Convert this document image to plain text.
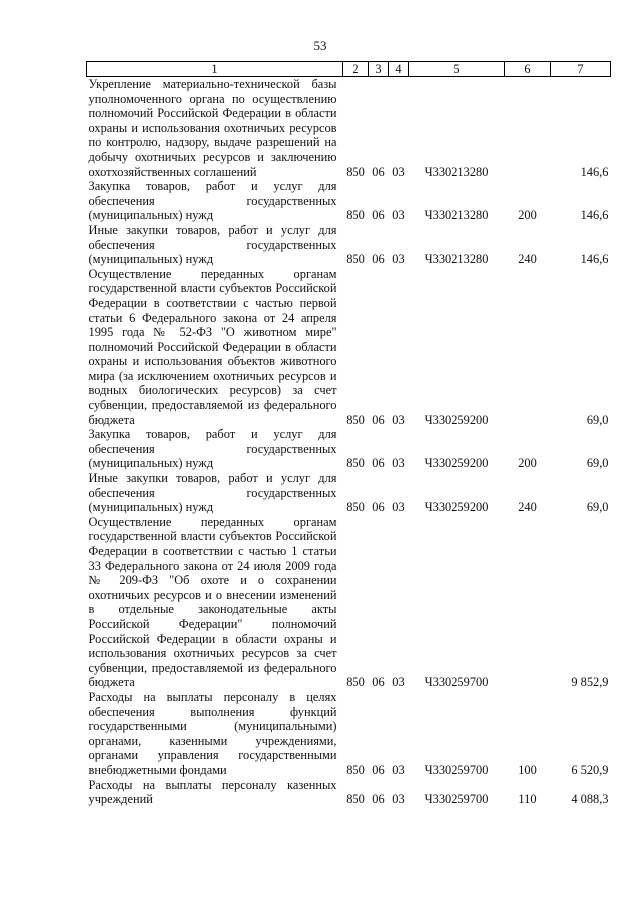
53
1	2	3	4	5	6	7
Укрепление материально-технической базы уполномоченного органа по осуществлению полномочий Российской Федерации в области охраны и использования охотничьих ресурсов по контролю, надзору, выдаче разрешений на добычу охотничьих ресурсов и заключению охотхозяйственных соглашений	850	06	03	Ч330213280		146,6
Закупка товаров, работ и услуг для обеспечения государственных (муниципальных) нужд	850	06	03	Ч330213280	200	146,6
Иные закупки товаров, работ и услуг для обеспечения государственных (муниципальных) нужд	850	06	03	Ч330213280	240	146,6
Осуществление переданных органам государственной власти субъектов Российской Федерации в соответствии с частью первой статьи 6 Федерального закона от 24 апреля 1995 года № 52-ФЗ "О животном мире" полномочий Российской Федерации в области охраны и использования объектов животного мира (за исключением охотничьих ресурсов и водных биологических ресурсов) за счет субвенции, предоставляемой из федерального бюджета	850	06	03	Ч330259200		69,0
Закупка товаров, работ и услуг для обеспечения государственных (муниципальных) нужд	850	06	03	Ч330259200	200	69,0
Иные закупки товаров, работ и услуг для обеспечения государственных (муниципальных) нужд	850	06	03	Ч330259200	240	69,0
Осуществление переданных органам государственной власти субъектов Российской Федерации в соответствии с частью 1 статьи 33 Федерального закона от 24 июля 2009 года № 209-ФЗ "Об охоте и о сохранении охотничьих ресурсов и о внесении изменений в отдельные законодательные акты Российской Федерации" полномочий Российской Федерации в области охраны и использования охотничьих ресурсов за счет субвенции, предоставляемой из федерального бюджета	850	06	03	Ч330259700		9 852,9
Расходы на выплаты персоналу в целях обеспечения выполнения функций государственными (муниципальными) органами, казенными учреждениями, органами управления государственными внебюджетными фондами	850	06	03	Ч330259700	100	6 520,9
Расходы на выплаты персоналу казенных учреждений	850	06	03	Ч330259700	110	4 088,3
